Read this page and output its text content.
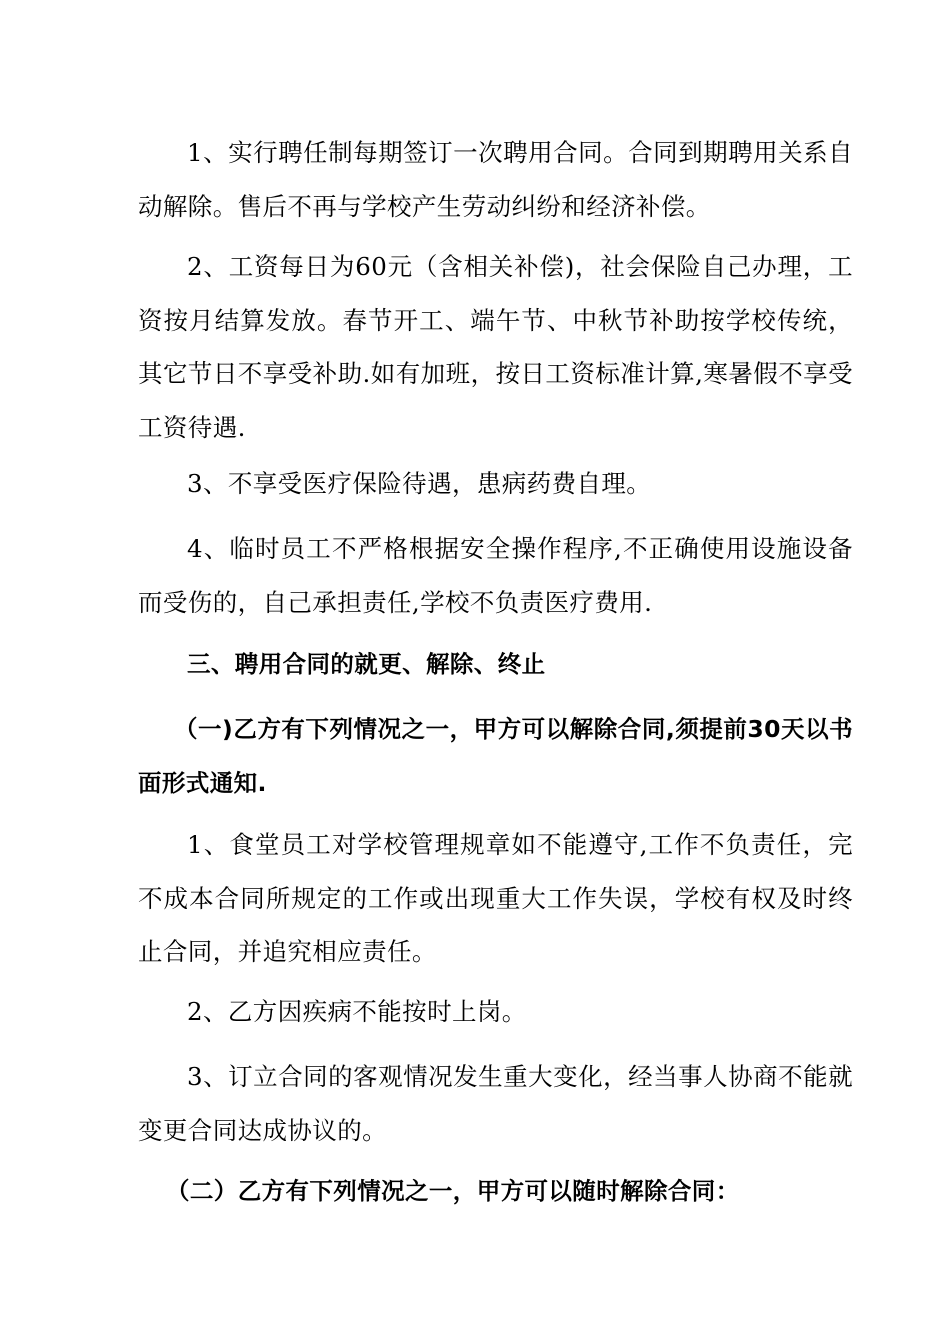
1、实行聘任制每期签订一次聘用合同。合同到期聘用关系自动解除。售后不再与学校产生劳动纠纷和经济补偿。

2、工资每日为60元（含相关补偿)，社会保险自己办理，工资按月结算发放。春节开工、端午节、中秋节补助按学校传统，其它节日不享受补助.如有加班，按日工资标准计算,寒暑假不享受工资待遇.

3、不享受医疗保险待遇，患病药费自理。

4、临时员工不严格根据安全操作程序,不正确使用设施设备而受伤的，自己承担责任,学校不负责医疗费用.

三、聘用合同的就更、解除、终止

（一)乙方有下列情况之一，甲方可以解除合同,须提前30天以书面形式通知.

1、食堂员工对学校管理规章如不能遵守,工作不负责任，完不成本合同所规定的工作或出现重大工作失误，学校有权及时终止合同，并追究相应责任。

2、乙方因疾病不能按时上岗。

3、订立合同的客观情况发生重大变化，经当事人协商不能就变更合同达成协议的。

（二）乙方有下列情况之一，甲方可以随时解除合同：
